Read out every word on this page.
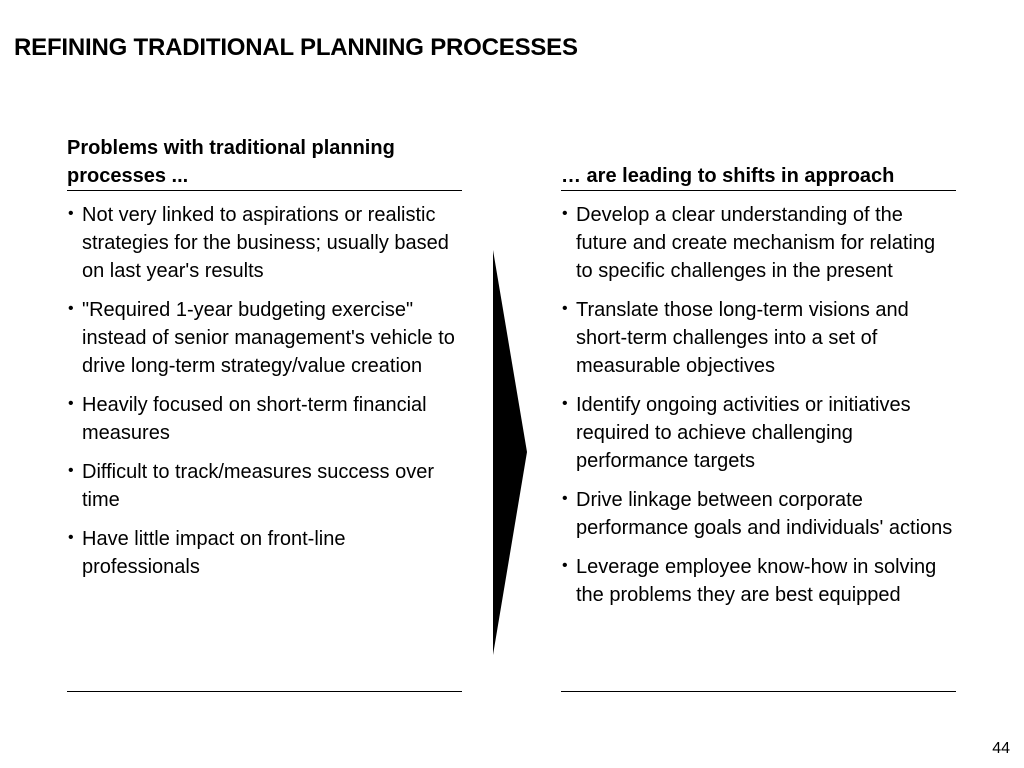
REFINING TRADITIONAL PLANNING PROCESSES
Problems with traditional planning processes ...
• Not very linked to aspirations or realistic strategies for the business; usually based on last year's results
• "Required 1-year budgeting exercise" instead of senior management's vehicle to drive long-term strategy/value creation
• Heavily focused on short-term financial measures
• Difficult to track/measures success over time
• Have little impact on front-line professionals
… are leading to shifts in approach
• Develop a clear understanding of the future and create mechanism for relating to specific challenges in the present
• Translate those long-term visions and short-term challenges into a set of measurable objectives
• Identify ongoing activities or initiatives required to achieve challenging performance targets
• Drive linkage between corporate performance goals and individuals' actions
• Leverage employee know-how in solving the problems they are best equipped
44
